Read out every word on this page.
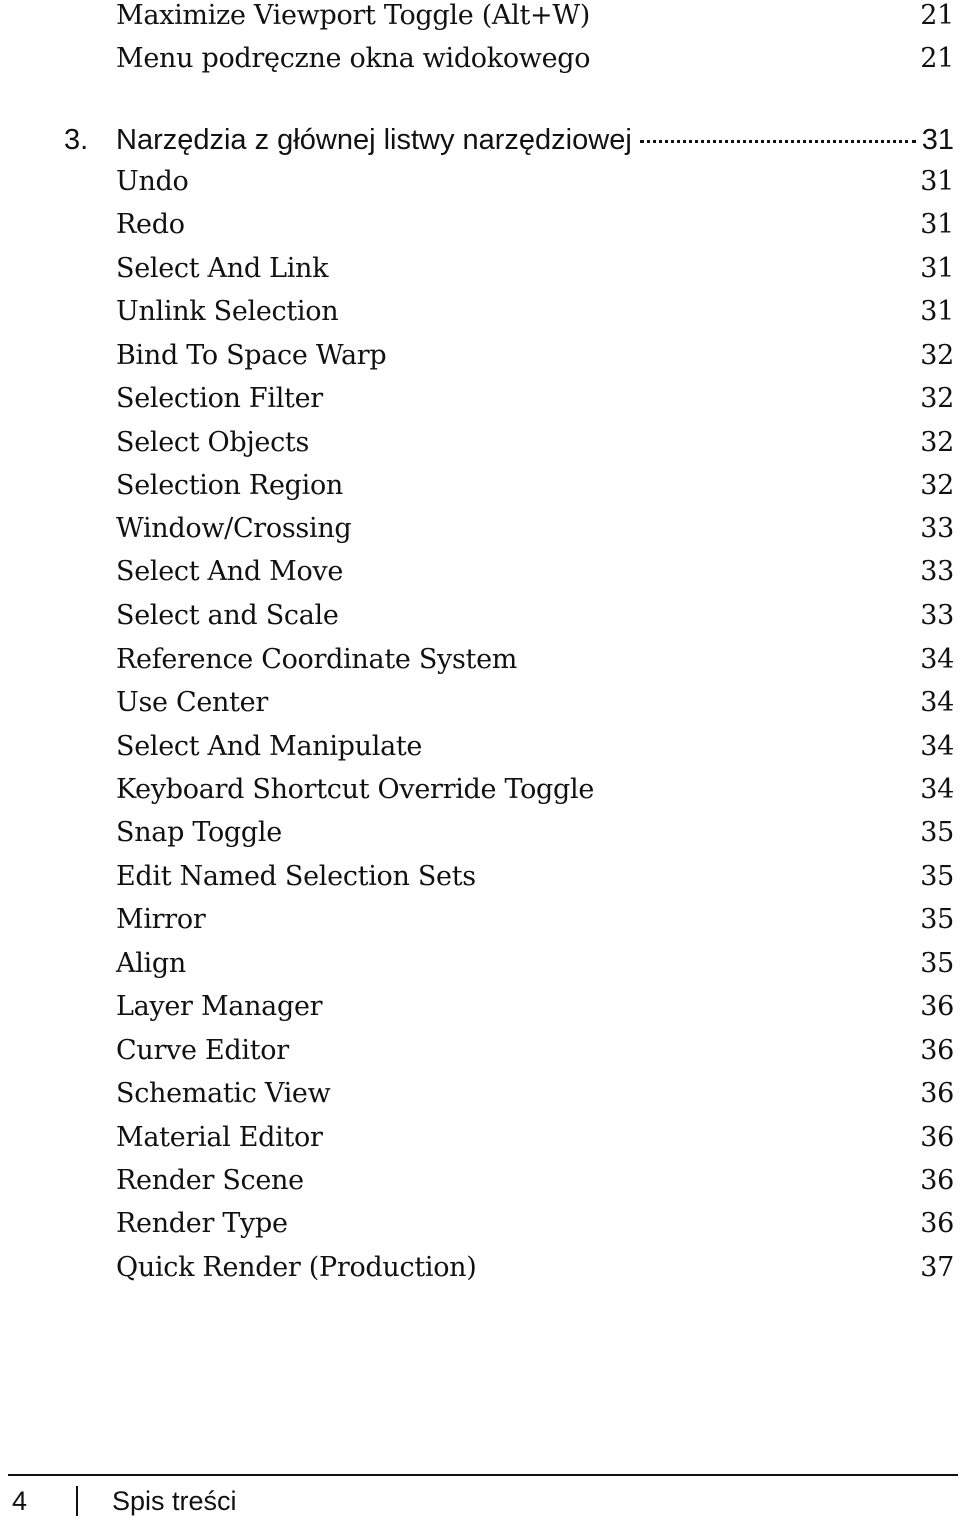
Maximize Viewport Toggle (Alt+W)	21
Menu podręczne okna widokowego	21
3. Narzędzia z głównej listwy narzędziowej	31
Undo	31
Redo	31
Select And Link	31
Unlink Selection	31
Bind To Space Warp	32
Selection Filter	32
Select Objects	32
Selection Region	32
Window/Crossing	33
Select And Move	33
Select and Scale	33
Reference Coordinate System	34
Use Center	34
Select And Manipulate	34
Keyboard Shortcut Override Toggle	34
Snap Toggle	35
Edit Named Selection Sets	35
Mirror	35
Align	35
Layer Manager	36
Curve Editor	36
Schematic View	36
Material Editor	36
Render Scene	36
Render Type	36
Quick Render (Production)	37
4	Spis treści
